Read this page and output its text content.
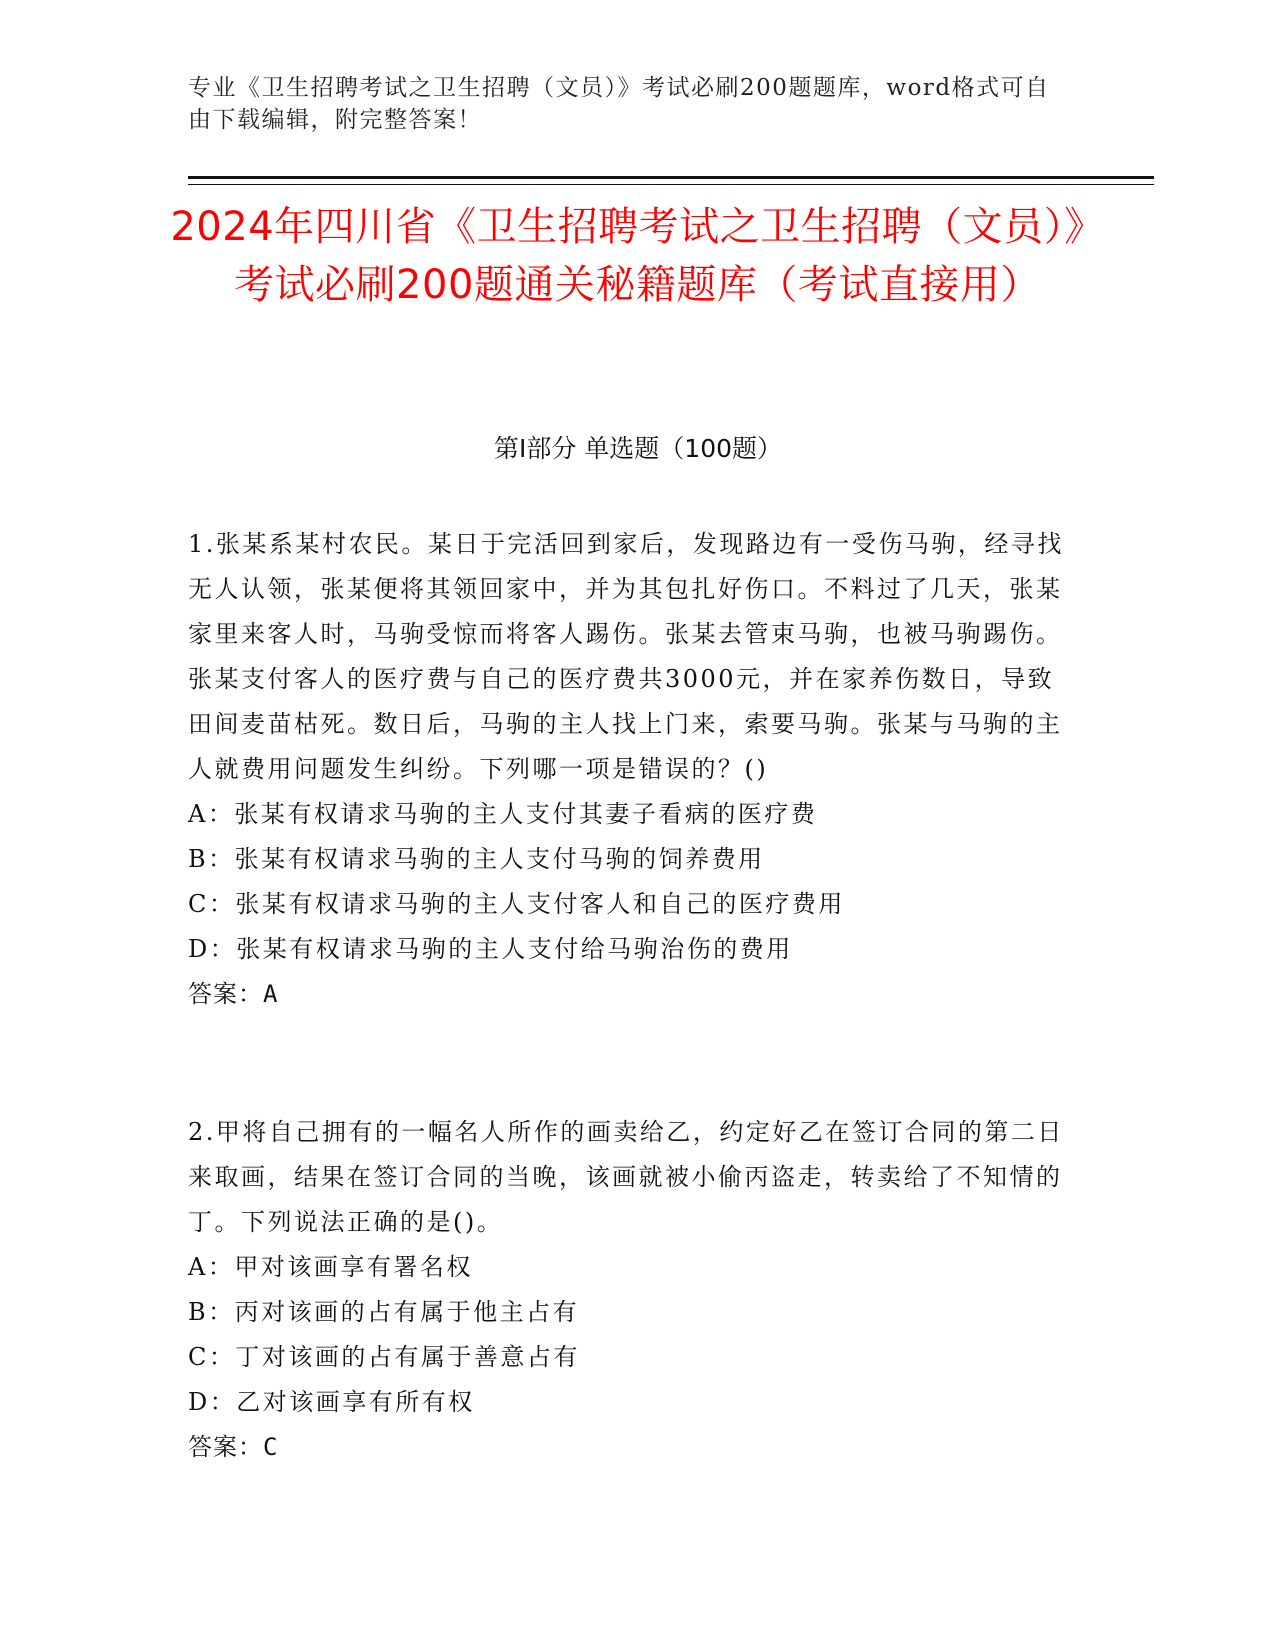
专业《卫生招聘考试之卫生招聘（文员）》考试必刷200题题库，word格式可自由下载编辑，附完整答案！
2024年四川省《卫生招聘考试之卫生招聘（文员）》考试必刷200题通关秘籍题库（考试直接用）
第I部分 单选题（100题）
1.张某系某村农民。某日于完活回到家后，发现路边有一受伤马驹，经寻找无人认领，张某便将其领回家中，并为其包扎好伤口。不料过了几天，张某家里来客人时，马驹受惊而将客人踢伤。张某去管束马驹，也被马驹踢伤。张某支付客人的医疗费与自己的医疗费共3000元，并在家养伤数日，导致田间麦苗枯死。数日后，马驹的主人找上门来，索要马驹。张某与马驹的主人就费用问题发生纠纷。下列哪一项是错误的？()
A：张某有权请求马驹的主人支付其妻子看病的医疗费
B：张某有权请求马驹的主人支付马驹的饲养费用
C：张某有权请求马驹的主人支付客人和自己的医疗费用
D：张某有权请求马驹的主人支付给马驹治伤的费用
答案：A
2.甲将自己拥有的一幅名人所作的画卖给乙，约定好乙在签订合同的第二日来取画，结果在签订合同的当晚，该画就被小偷丙盗走，转卖给了不知情的丁。下列说法正确的是()。
A：甲对该画享有署名权
B：丙对该画的占有属于他主占有
C：丁对该画的占有属于善意占有
D：乙对该画享有所有权
答案：C
